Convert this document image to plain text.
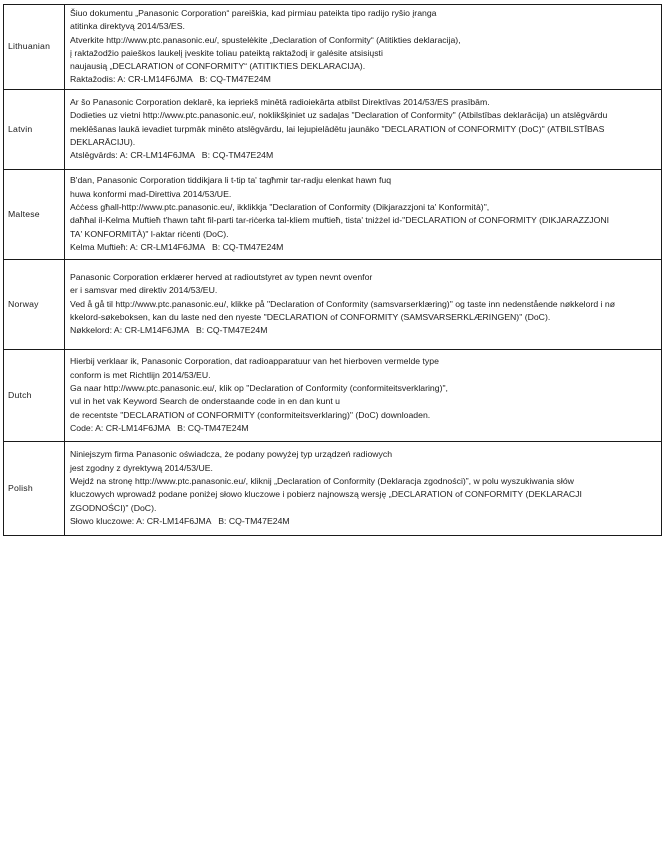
Lithuanian	
Šiuo dokumentu „Panasonic Corporation“ pareiškia, kad pirmiau pateikta tipo radijo ryšio įranga
atitinka direktyvą 2014/53/ES.
Atverkite http://www.ptc.panasonic.eu/, spustelėkite „Declaration of Conformity“ (Atitikties deklaracija),
į raktažodžio paieškos laukelį įveskite toliau pateiktą raktažodį ir galėsite atsisiųsti
naujausią „DECLARATION of CONFORMITY“ (ATITIKTIES DEKLARACIJA).
Raktažodis: A: CR-LM14F6JMA   B: CQ-TM47E24M

Latvin	Ar šo Panasonic Corporation deklarē, ka iepriekš minētā radioiekārta atbilst Direktīvas 2014/53/ES prasībām.
Dodieties uz vietni http://www.ptc.panasonic.eu/, noklikšķiniet uz sadaļas "Declaration of Conformity" (Atbilstības deklarācija) un atslēgvārdu
meklēšanas laukā ievadiet turpmāk minēto atslēgvārdu, lai lejupielādētu jaunāko "DECLARATION of CONFORMITY (DoC)" (ATBILSTĪBAS
DEKLARĀCIJU).
Atslēgvārds: A: CR-LM14F6JMA   B: CQ-TM47E24M

Maltese	
B'dan, Panasonic Corporation tiddikjara li t-tip ta' tagħmir tar-radju elenkat hawn fuq
huwa konformi mad-Direttiva 2014/53/UE.
Aċċess għall-http://www.ptc.panasonic.eu/, ikklikkja "Declaration of Conformity (Dikjarazzjoni ta' Konformità)",
daħħal il-Kelma Muftieħ t'hawn taħt fil-parti tar-riċerka tal-kliem muftieħ, tista' tniżżel id-"DECLARATION of CONFORMITY (DIKJARAZZJONI
TA' KONFORMITÀ)" l-aktar riċenti (DoC).
Kelma Muftieħ: A: CR-LM14F6JMA   B: CQ-TM47E24M

Norway	Panasonic Corporation erklærer herved at radioutstyret av typen nevnt ovenfor
er i samsvar med direktiv 2014/53/EU.
Ved å gå til http://www.ptc.panasonic.eu/, klikke på "Declaration of Conformity (samsvarserklæring)" og taste inn nedenstående nøkkelord i nø
kkelord-søkeboksen, kan du laste ned den nyeste "DECLARATION of CONFORMITY (SAMSVARSERKLÆRINGEN)" (DoC).
Nøkkelord: A: CR-LM14F6JMA   B: CQ-TM47E24M

Dutch	
Hierbij verklaar ik, Panasonic Corporation, dat radioapparatuur van het hierboven vermelde type
conform is met Richtlijn 2014/53/EU.
Ga naar http://www.ptc.panasonic.eu/, klik op "Declaration of Conformity (conformiteitsverklaring)",
vul in het vak Keyword Search de onderstaande code in en dan kunt u
de recentste "DECLARATION of CONFORMITY (conformiteitsverklaring)" (DoC) downloaden.
Code: A: CR-LM14F6JMA   B: CQ-TM47E24M

Polish	
Niniejszym firma Panasonic oświadcza, że podany powyżej typ urządzeń radiowych
jest zgodny z dyrektywą 2014/53/UE.
Wejdź na stronę http://www.ptc.panasonic.eu/, kliknij „Declaration of Conformity (Deklaracja zgodności)”, w polu wyszukiwania słów
kluczowych wprowadź podane poniżej słowo kluczowe i pobierz najnowszą wersję „DECLARATION of CONFORMITY (DEKLARACJI
ZGODNOŚCI)” (DoC).
Słowo kluczowe: A: CR-LM14F6JMA   B: CQ-TM47E24M
